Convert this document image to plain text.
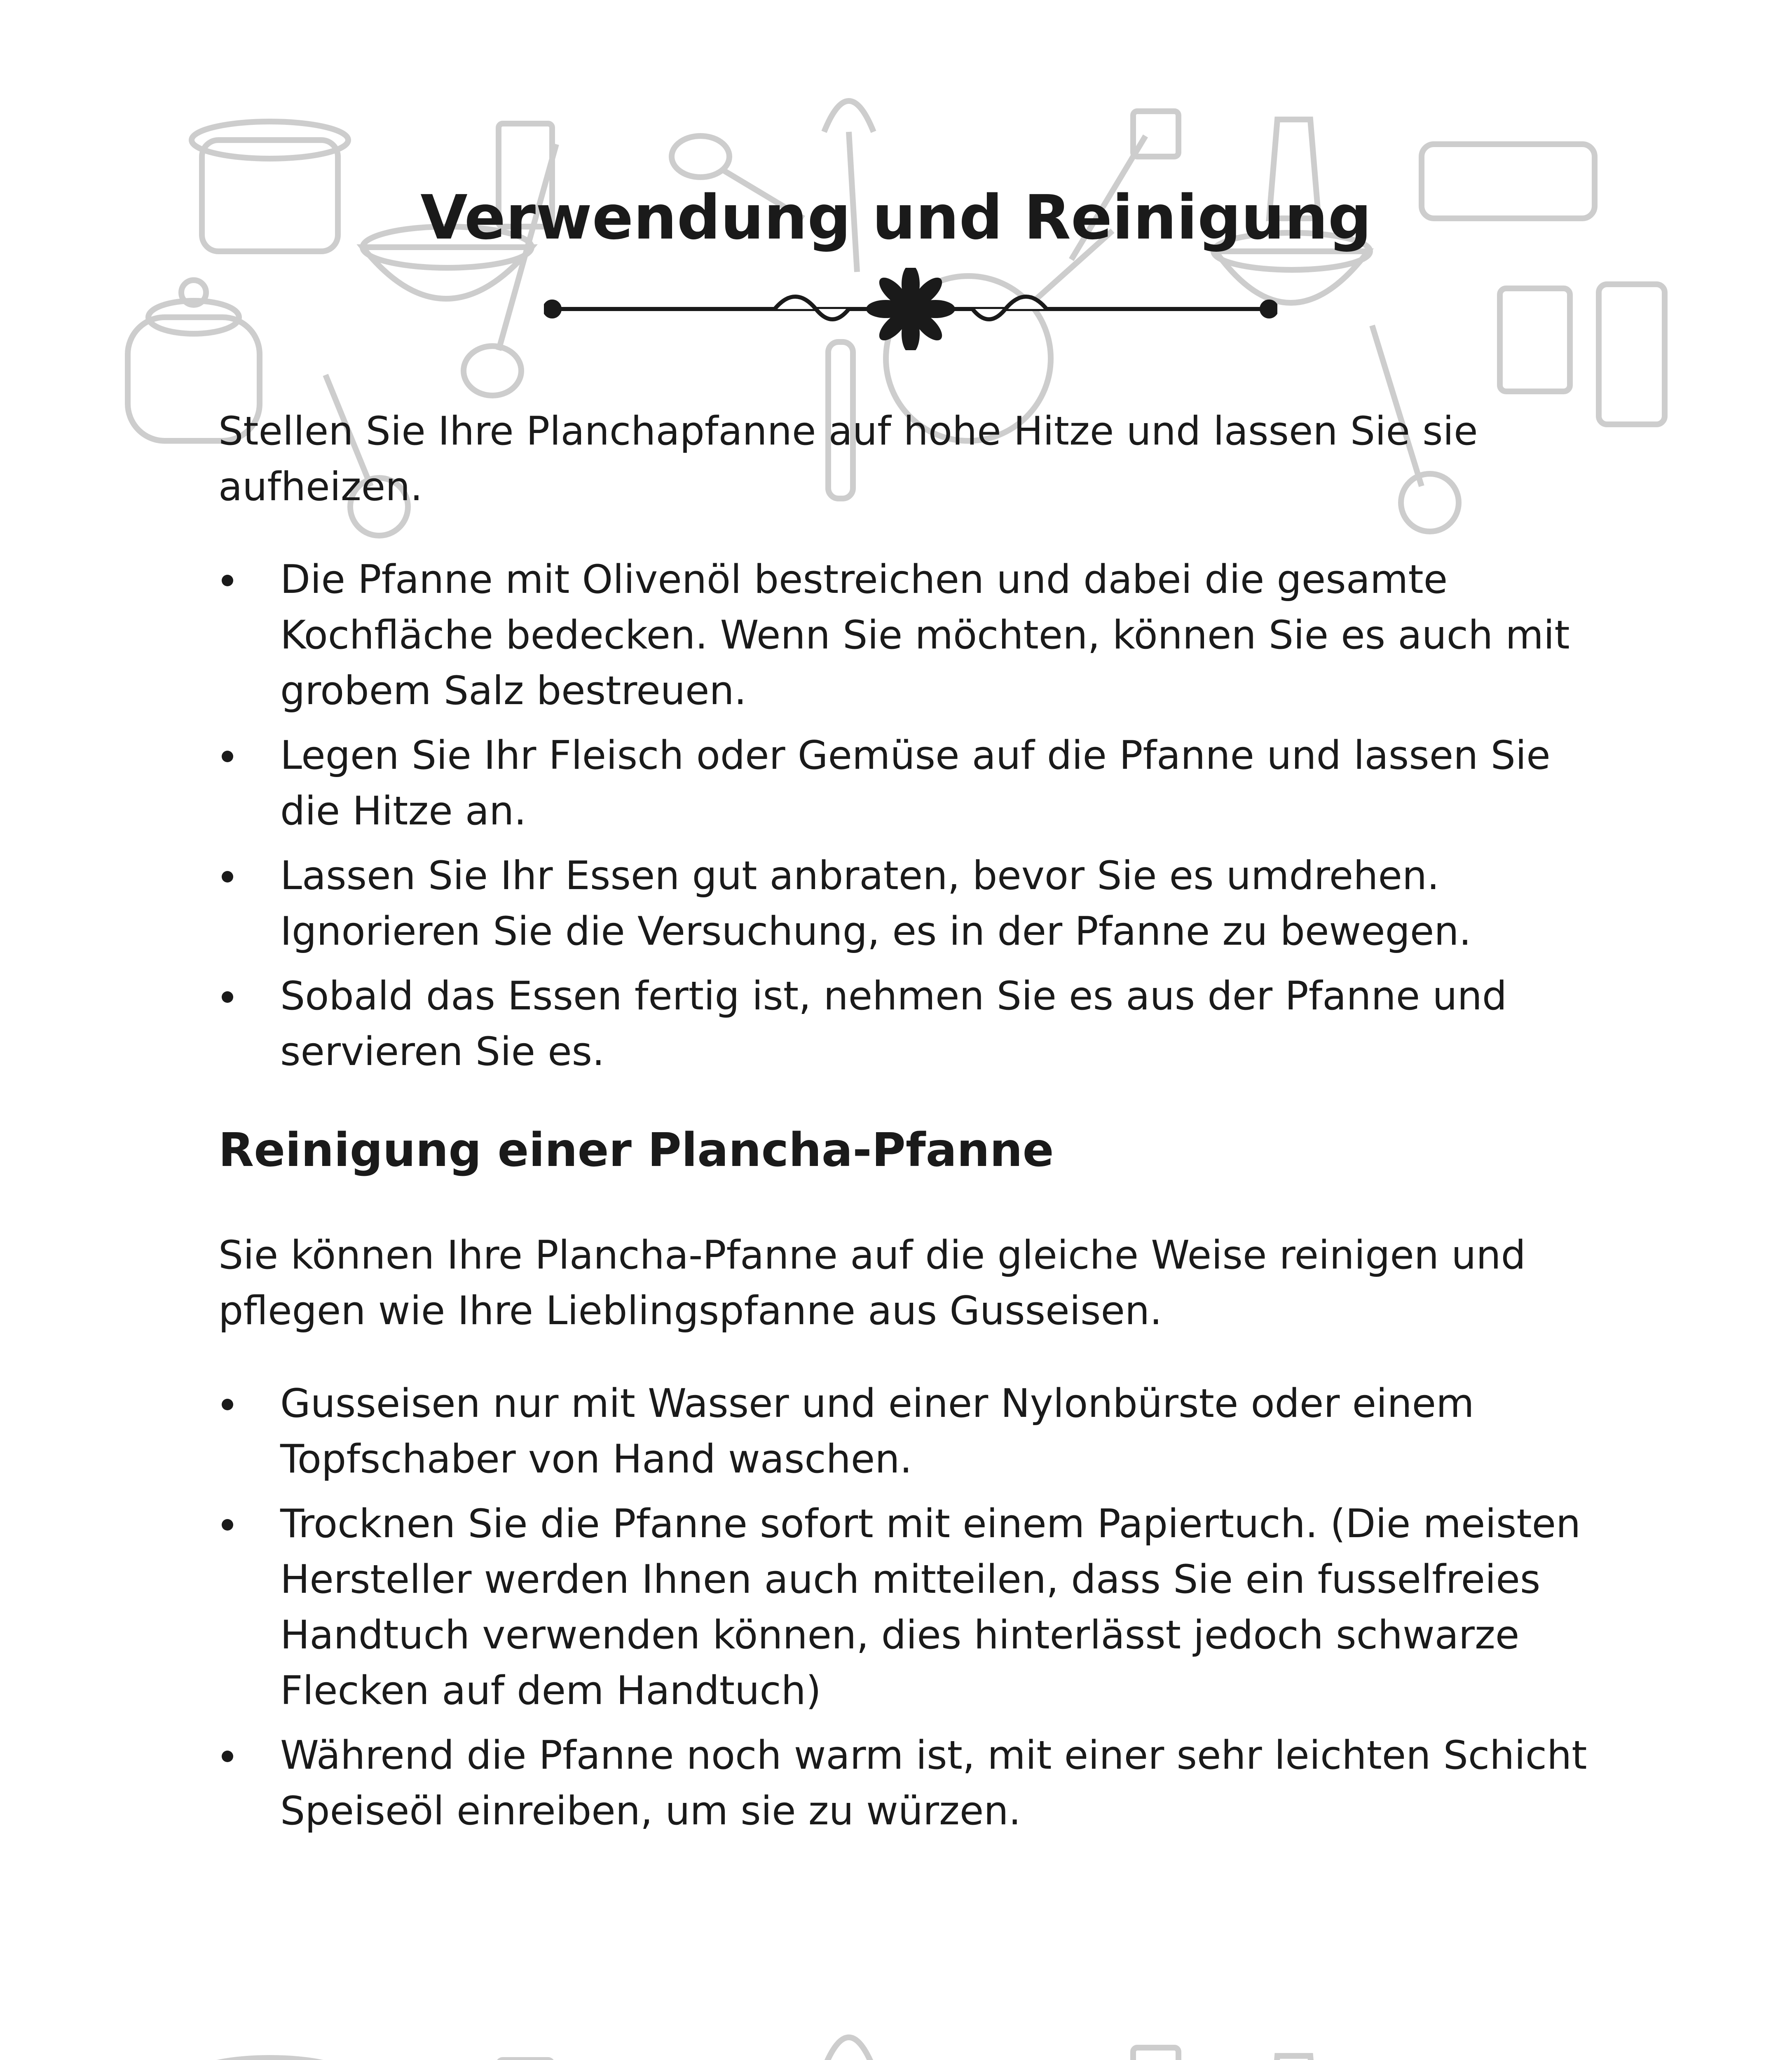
Verwendung und Reinigung

Stellen Sie Ihre Planchapfanne auf hohe Hitze und lassen Sie sie aufheizen.

Die Pfanne mit Olivenöl bestreichen und dabei die gesamte Kochfläche bedecken. Wenn Sie möchten, können Sie es auch mit grobem Salz bestreuen.
Legen Sie Ihr Fleisch oder Gemüse auf die Pfanne und lassen Sie die Hitze an.
Lassen Sie Ihr Essen gut anbraten, bevor Sie es umdrehen. Ignorieren Sie die Versuchung, es in der Pfanne zu bewegen.
Sobald das Essen fertig ist, nehmen Sie es aus der Pfanne und servieren Sie es.
Reinigung einer Plancha-Pfanne

Sie können Ihre Plancha-Pfanne auf die gleiche Weise reinigen und pflegen wie Ihre Lieblingspfanne aus Gusseisen.

Gusseisen nur mit Wasser und einer Nylonbürste oder einem Topfschaber von Hand waschen.
Trocknen Sie die Pfanne sofort mit einem Papiertuch. (Die meisten Hersteller werden Ihnen auch mitteilen, dass Sie ein fusselfreies Handtuch verwenden können, dies hinterlässt jedoch schwarze Flecken auf dem Handtuch)
Während die Pfanne noch warm ist, mit einer sehr leichten Schicht Speiseöl einreiben, um sie zu würzen.
